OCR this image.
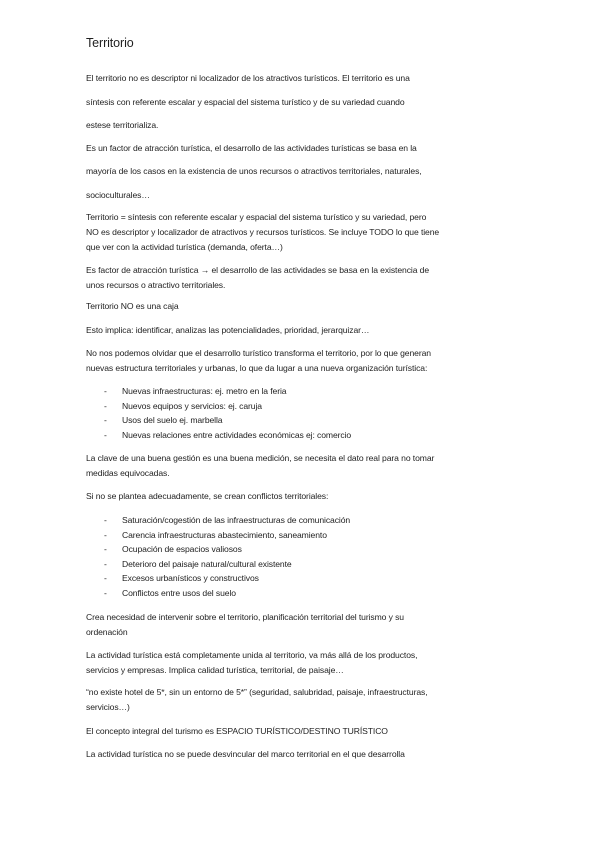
Territorio
El territorio no es descriptor ni localizador de los atractivos turísticos. El territorio es una
síntesis con referente escalar y espacial del sistema turístico y de su variedad cuando
estese territorializa.
Es un factor de atracción turística, el desarrollo de las actividades turísticas se basa en la
mayoría de los casos en la existencia de unos recursos o atractivos territoriales, naturales,
socioculturales…

Territorio = síntesis con referente escalar y espacial del sistema turístico y su variedad, pero

NO es descriptor y localizador de atractivos y recursos turísticos. Se incluye TODO lo que tiene

que ver con la actividad turística (demanda, oferta…)

Es factor de atracción turística → el desarrollo de las actividades se basa en la existencia de

unos recursos o atractivo territoriales.

Territorio NO es una caja
Esto implica: identificar, analizas las potencialidades, prioridad, jerarquizar…

No nos podemos olvidar que el desarrollo turístico transforma el territorio, por lo que generan

nuevas estructura territoriales y urbanas, lo que da lugar a una nueva organización turística:

- Nuevas infraestructuras: ej. metro en la feria
- Nuevos equipos y servicios: ej. caruja
- Usos del suelo ej. marbella
- Nuevas relaciones entre actividades económicas ej: comercio

La clave de una buena gestión es una buena medición, se necesita el dato real para no tomar

medidas equivocadas.

Si no se plantea adecuadamente, se crean conflictos territoriales:
- Saturación/cogestión de las infraestructuras de comunicación
- Carencia infraestructuras abastecimiento, saneamiento
- Ocupación de espacios valiosos
- Deterioro del paisaje natural/cultural existente
- Excesos urbanísticos y constructivos
- Conflictos entre usos del suelo

Crea necesidad de intervenir sobre el territorio, planificación territorial del turismo y su

ordenación

La actividad turística está completamente unida al territorio, va más allá de los productos,

servicios y empresas. Implica calidad turística, territorial, de paisaje…

“no existe hotel de 5*, sin un entorno de 5*” (seguridad, salubridad, paisaje, infraestructuras,

servicios…)

El concepto integral del turismo es ESPACIO TURÍSTICO/DESTINO TURÍSTICO
La actividad turística no se puede desvincular del marco territorial en el que desarrolla
